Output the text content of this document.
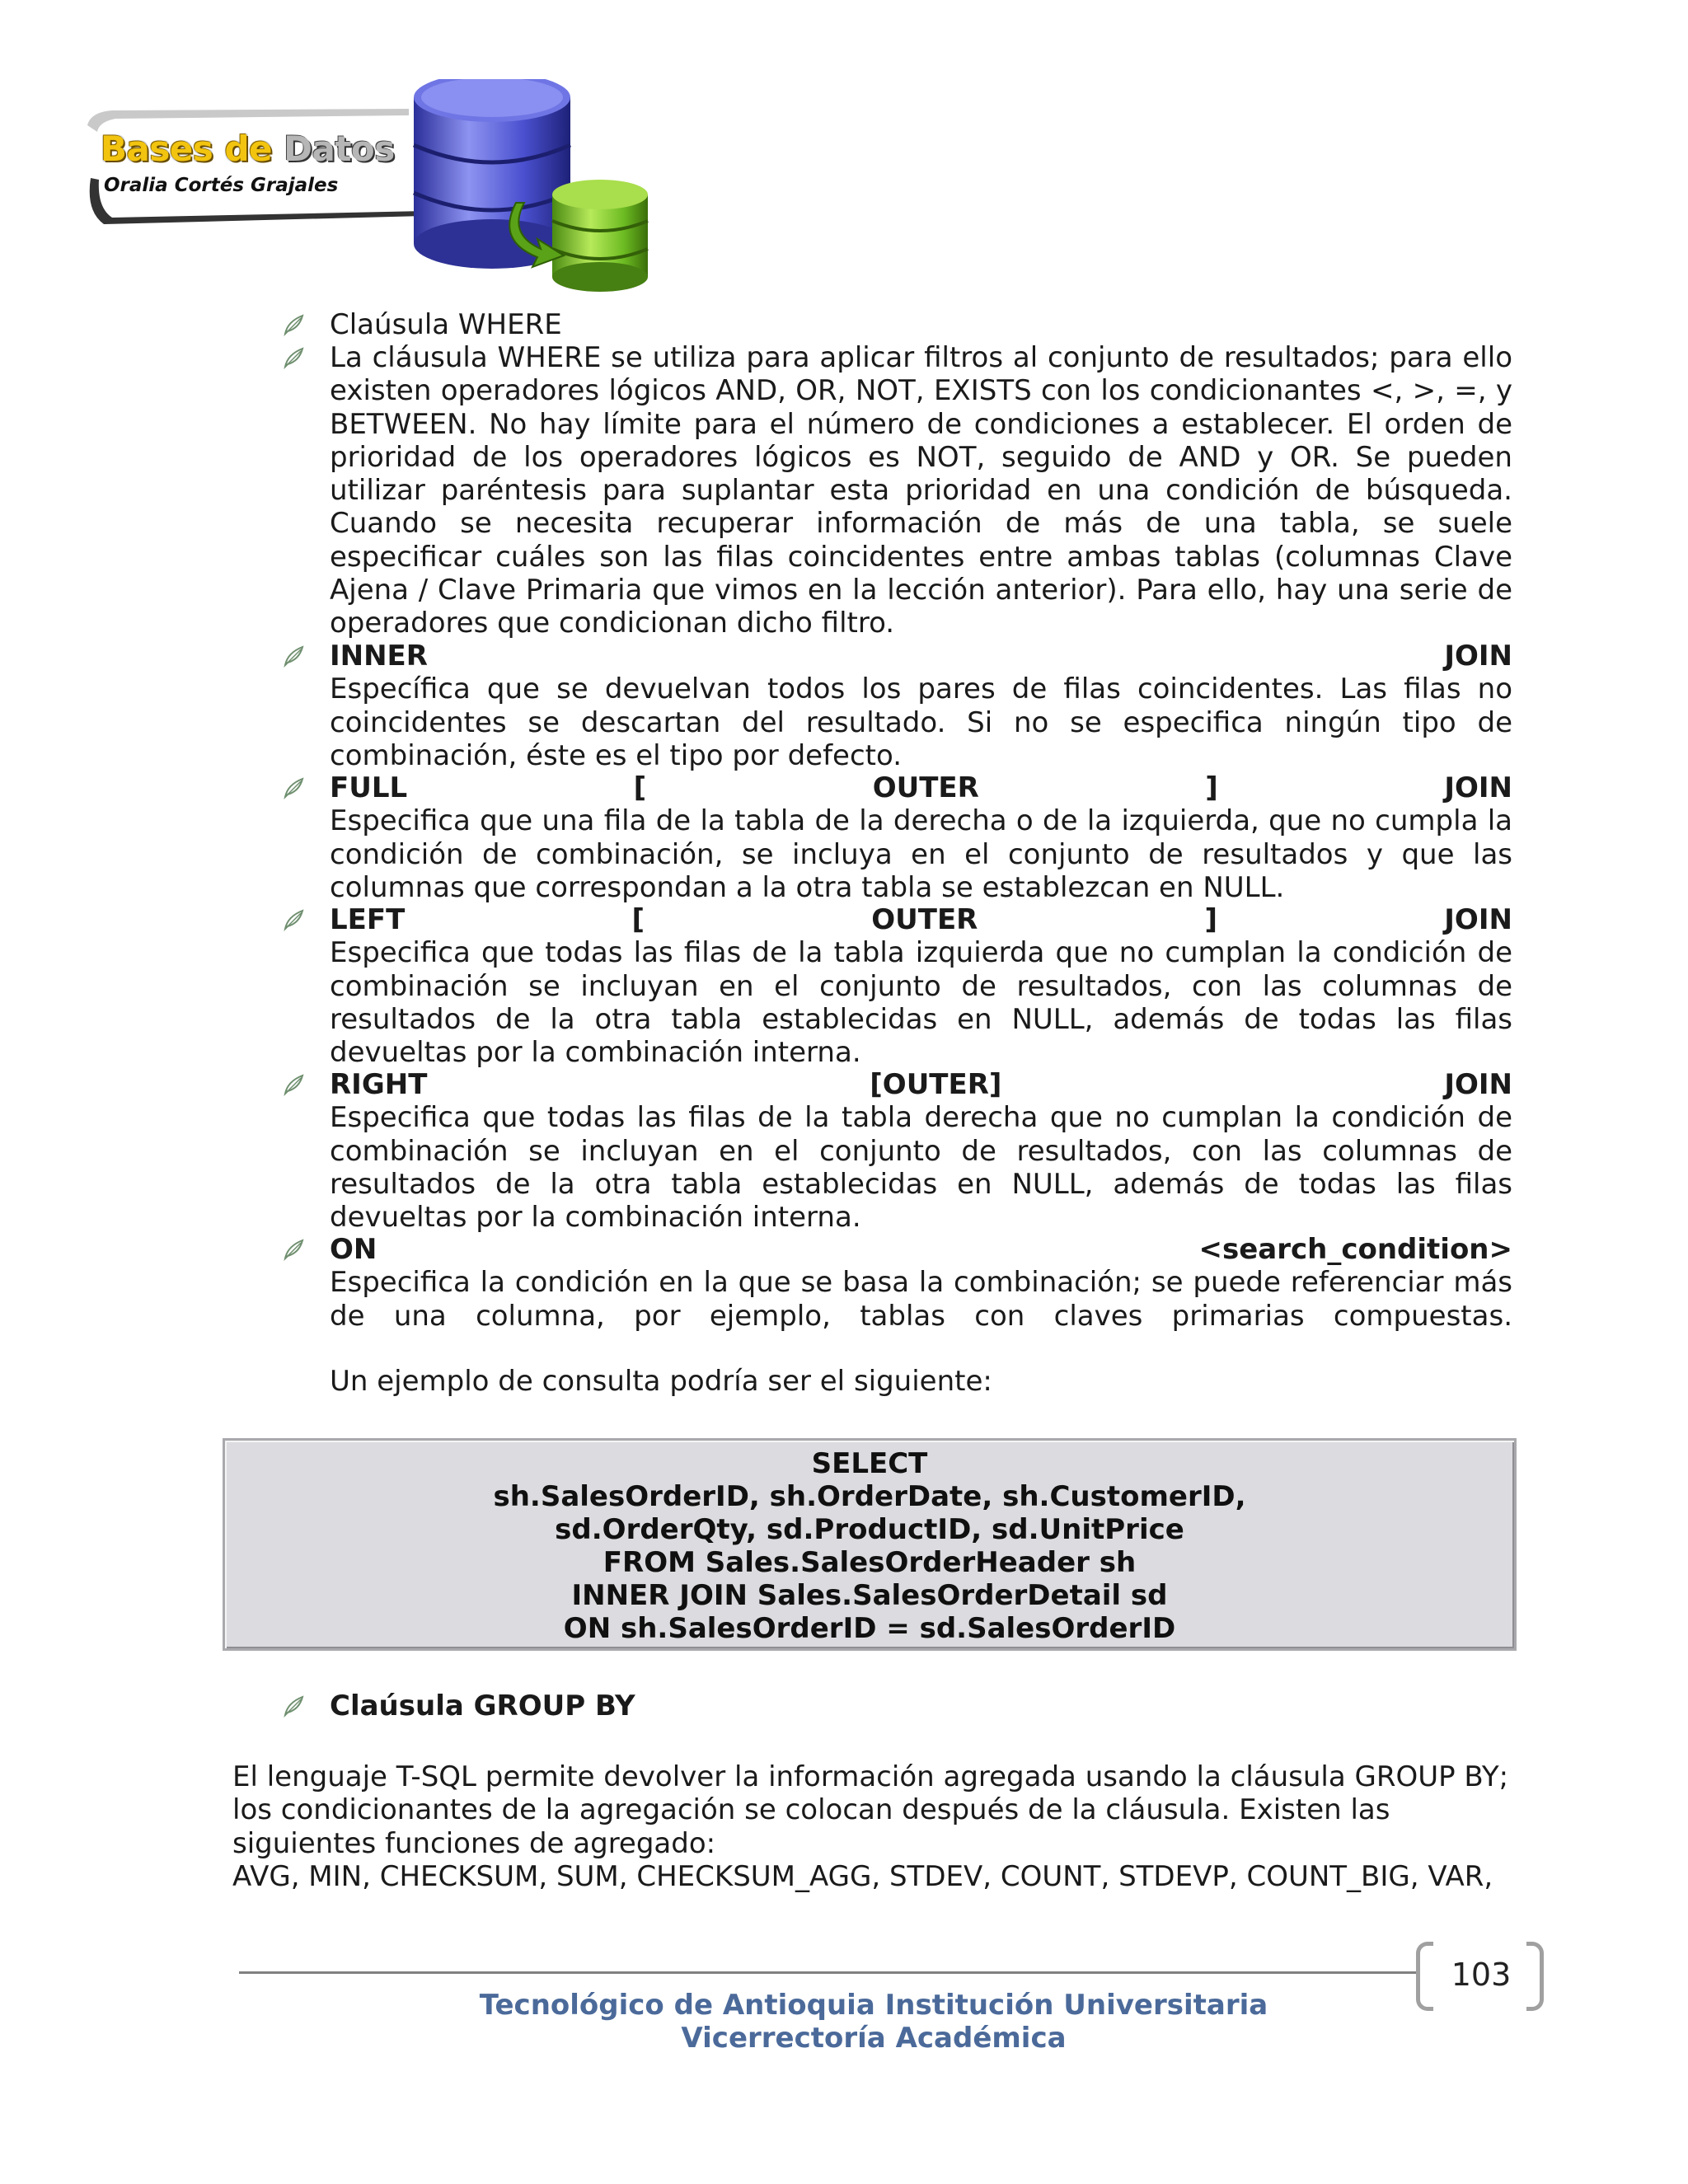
Bases de Datos
Oralia Cortés Grajales
Claúsula WHERE
La cláusula WHERE se utiliza para aplicar filtros al conjunto de resultados; para ello existen operadores lógicos AND, OR, NOT, EXISTS con los condicionantes <, >, =, y BETWEEN. No hay límite para el número de condiciones a establecer. El orden de prioridad de los operadores lógicos es NOT, seguido de AND y OR. Se pueden utilizar paréntesis para suplantar esta prioridad en una condición de búsqueda. Cuando se necesita recuperar información de más de una tabla, se suele especificar cuáles son las filas coincidentes entre ambas tablas (columnas Clave Ajena / Clave Primaria que vimos en la lección anterior). Para ello, hay una serie de operadores que condicionan dicho filtro.
INNER	JOIN

Específica que se devuelvan todos los pares de filas coincidentes. Las filas no coincidentes se descartan del resultado. Si no se especifica ningún tipo de combinación, éste es el tipo por defecto.

FULL	[	OUTER	]	JOIN

Especifica que una fila de la tabla de la derecha o de la izquierda, que no cumpla la condición de combinación, se incluya en el conjunto de resultados y que las columnas que correspondan a la otra tabla se establezcan en NULL.

LEFT	[	OUTER	]	JOIN

Especifica que todas las filas de la tabla izquierda que no cumplan la condición de combinación se incluyan en el conjunto de resultados, con las columnas de resultados de la otra tabla establecidas en NULL, además de todas las filas devueltas por la combinación interna.

RIGHT	[OUTER]	JOIN

Especifica que todas las filas de la tabla derecha que no cumplan la condición de combinación se incluyan en el conjunto de resultados, con las columnas de resultados de la otra tabla establecidas en NULL, además de todas las filas devueltas por la combinación interna.

ON	<search_condition>

Especifica la condición en la que se basa la combinación; se puede referenciar más de una columna, por ejemplo, tablas con claves primarias compuestas.

Un ejemplo de consulta podría ser el siguiente:
SELECT
sh.SalesOrderID, sh.OrderDate, sh.CustomerID,
sd.OrderQty, sd.ProductID, sd.UnitPrice
FROM Sales.SalesOrderHeader sh
INNER JOIN Sales.SalesOrderDetail sd
ON sh.SalesOrderID = sd.SalesOrderID
Claúsula GROUP BY
El lenguaje T-SQL permite devolver la información agregada usando la cláusula GROUP BY; los condicionantes de la agregación se colocan después de la cláusula. Existen las siguientes funciones de agregado:
AVG, MIN, CHECKSUM, SUM, CHECKSUM_AGG, STDEV, COUNT, STDEVP, COUNT_BIG, VAR,
103
Tecnológico de Antioquia Institución Universitaria
Vicerrectoría Académica
